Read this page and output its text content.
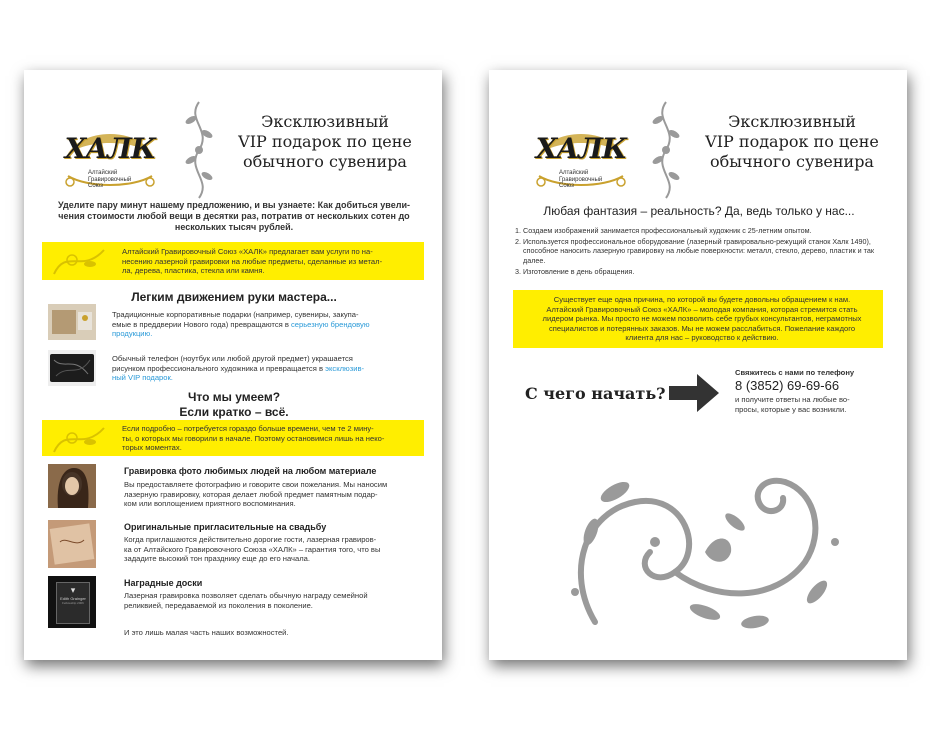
ХАЛК
Алтайский
Гравировочный
Союз
Эксклюзивный
VIP подарок по цене
обычного сувенира
Уделите пару минут нашему предложению, и вы узнаете: Как добиться увели-
чения стоимости любой вещи в десятки раз, потратив от нескольких сотен до
нескольких тысяч рублей.
Алтайский Гравировочный Союз «ХАЛК» предлагает вам услуги по на-
несению лазерной гравировки на любые предметы, сделанные из метал-
ла, дерева, пластика, стекла или камня.
Легким движением руки мастера...
Традиционные корпоративные подарки (например, сувениры, закупа-
емые в преддверии Нового года) превращаются в серьезную брендовую
продукцию.
Обычный телефон (ноутбук или любой другой предмет) украшается
рисунком профессионального художника и превращается в эксклюзив-
ный VIP подарок.
Что мы умеем?
Если кратко – всё.
Если подробно – потребуется гораздо больше времени, чем те 2 мину-
ты, о которых мы говорили в начале. Поэтому остановимся лишь на неко-
торых моментах.
Гравировка фото любимых людей на любом материале
Вы предоставляете фотографию и говорите свои пожелания. Мы наносим
лазерную гравировку, которая делает любой предмет памятным подар-
ком или воплощением приятного воспоминания.
Оригинальные пригласительные на свадьбу
Когда приглашаются действительно дорогие гости, лазерная гравиров-
ка от Алтайского Гравировочного Союза «ХАЛК» – гарантия того, что вы
зададите высокий тон празднику еще до его начала.
▾
Edith Grainger
Fellowship 2006
Наградные доски
Лазерная гравировка позволяет сделать обычную награду семейной
реликвией, передаваемой из поколения в поколение.
И это лишь малая часть наших возможностей.
ХАЛК
Алтайский
Гравировочный
Союз
Эксклюзивный
VIP подарок по цене
обычного сувенира
Любая фантазия – реальность? Да, ведь только у нас...
1. Создаем изображений занимается профессиональный художник с 25-летним опытом.
2. Используется профессиональное оборудование (лазерный гравировально-режущий станок Халк 1490), способное наносить лазерную гравировку на любые поверхности: металл, стекло, дерево, пластик и так далее.
3. Изготовление в день обращения.
Существует еще одна причина, по которой вы будете довольны обращением к нам.
Алтайский Гравировочный Союз «ХАЛК» – молодая компания, которая стремится стать
лидером рынка. Мы просто не можем позволить себе грубых консультантов, неграмотных
специалистов и потерянных заказов. Мы не можем расслабиться. Пожелание каждого
клиента для нас – руководство к действию.
С чего начать?
Свяжитесь с нами по телефону
8 (3852) 69-69-66
и получите ответы на любые во-
просы, которые у вас возникли.
